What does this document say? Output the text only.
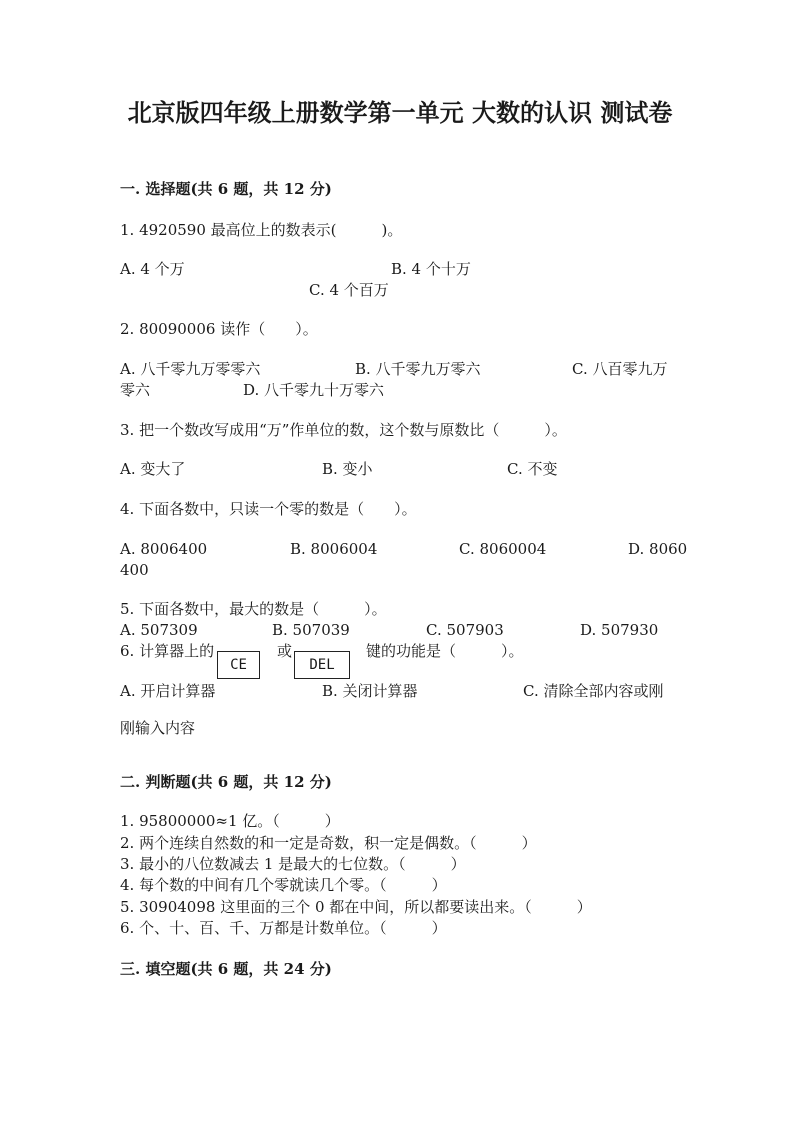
北京版四年级上册数学第一单元 大数的认识 测试卷
一. 选择题(共 6 题，共 12 分)
1. 4920590 最高位上的数表示(　　　)。
A. 4 个万	B. 4 个十万
C. 4 个百万
2. 80090006 读作（　　）。
A. 八千零九万零零六	B. 八千零九万零六	C. 八百零九万
零六	D. 八千零九十万零六
3. 把一个数改写成用“万”作单位的数，这个数与原数比（　　　）。
A. 变大了	B. 变小	C. 不变
4. 下面各数中，只读一个零的数是（　　）。
A. 8006400	B. 8006004	C. 8060004	D. 8060
400
5. 下面各数中，最大的数是（　　　）。
A. 507309	B. 507039	C. 507903	D. 507930
6. 计算器上的
CE
或
DEL
键的功能是（　　　）。
A. 开启计算器	B. 关闭计算器	C. 清除全部内容或刚
刚输入内容
二. 判断题(共 6 题，共 12 分)
1. 95800000≈1 亿。（　　　）
2. 两个连续自然数的和一定是奇数，积一定是偶数。（　　　）
3. 最小的八位数减去 1 是最大的七位数。（　　　）
4. 每个数的中间有几个零就读几个零。（　　　）
5. 30904098 这里面的三个 0 都在中间，所以都要读出来。（　　　）
6. 个、十、百、千、万都是计数单位。（　　　）
三. 填空题(共 6 题，共 24 分)
